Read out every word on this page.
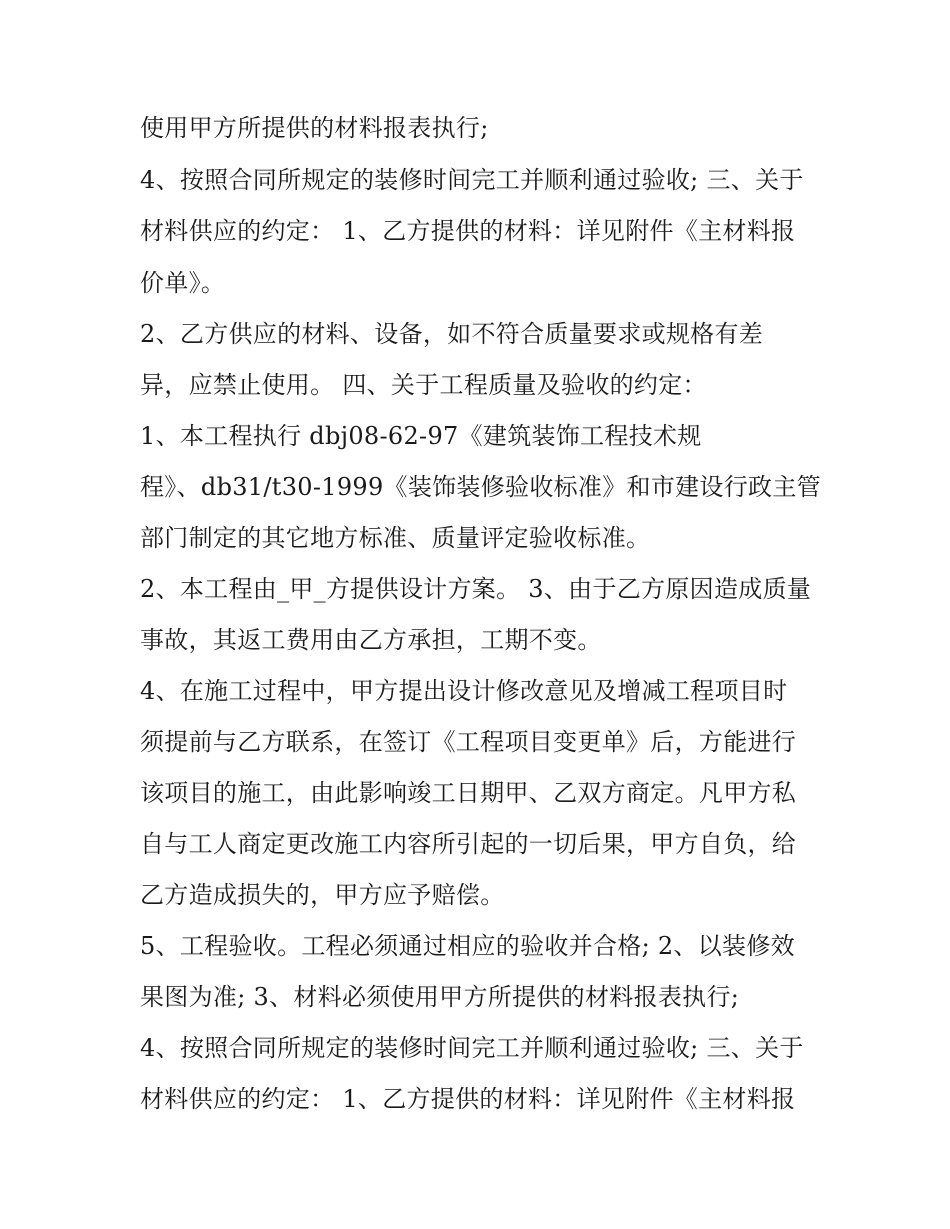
使用甲方所提供的材料报表执行;
4、按照合同所规定的装修时间完工并顺利通过验收; 三、关于
材料供应的约定： 1、乙方提供的材料：详见附件《主材料报
价单》。
2、乙方供应的材料、设备，如不符合质量要求或规格有差
异，应禁止使用。 四、关于工程质量及验收的约定：
1、本工程执行 dbj08-62-97《建筑装饰工程技术规
程》、db31/t30-1999《装饰装修验收标准》和市建设行政主管
部门制定的其它地方标准、质量评定验收标准。
2、本工程由_甲_方提供设计方案。 3、由于乙方原因造成质量
事故，其返工费用由乙方承担，工期不变。
4、在施工过程中，甲方提出设计修改意见及增减工程项目时
须提前与乙方联系，在签订《工程项目变更单》后，方能进行
该项目的施工，由此影响竣工日期甲、乙双方商定。凡甲方私
自与工人商定更改施工内容所引起的一切后果，甲方自负，给
乙方造成损失的，甲方应予赔偿。
5、工程验收。工程必须通过相应的验收并合格; 2、以装修效
果图为准; 3、材料必须使用甲方所提供的材料报表执行;
4、按照合同所规定的装修时间完工并顺利通过验收; 三、关于
材料供应的约定： 1、乙方提供的材料：详见附件《主材料报
